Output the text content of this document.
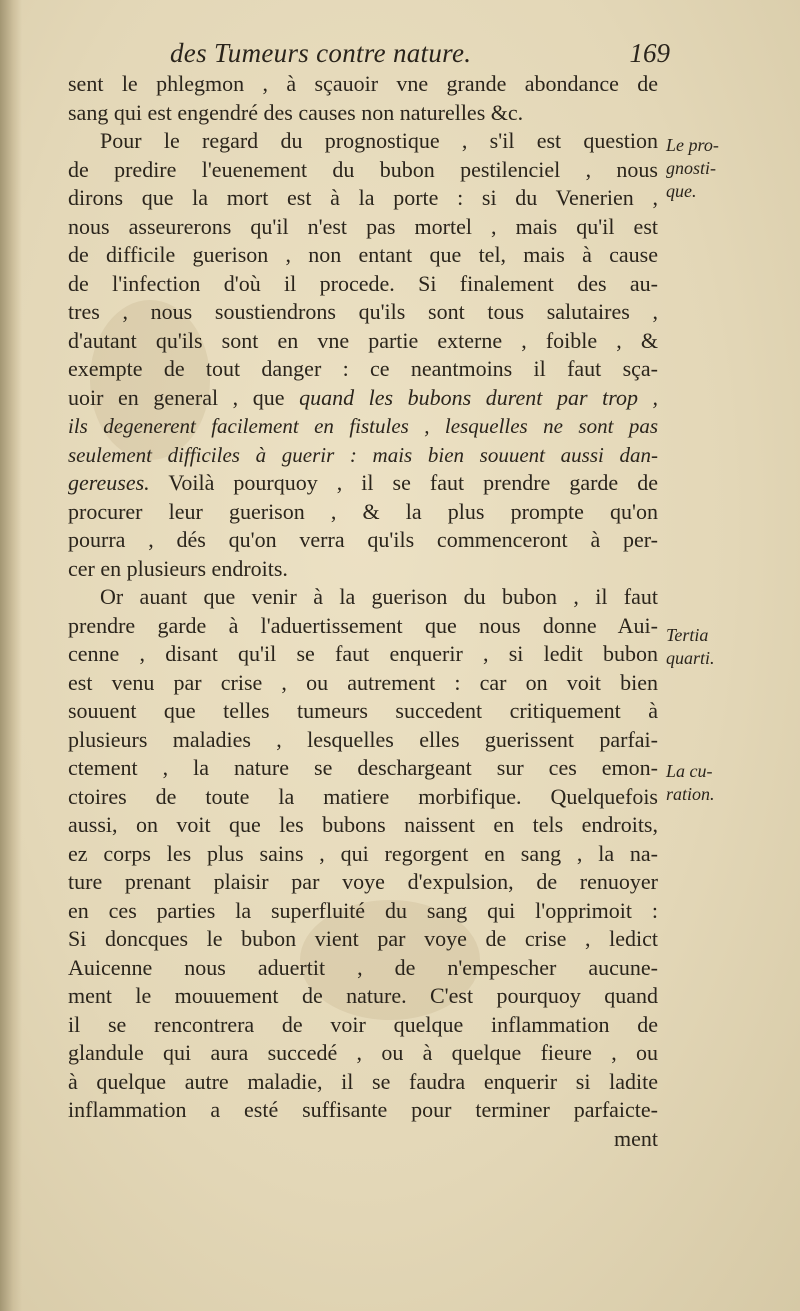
des Tumeurs contre nature.	169
sent le phlegmon , à sçauoir vne grande abondance de
sang qui est engendré des causes non naturelles &c.
Pour le regard du prognostique , s'il est question
de predire l'euenement du bubon pestilenciel , nous
dirons que la mort est à la porte : si du Venerien ,
nous asseurerons qu'il n'est pas mortel , mais qu'il est
de difficile guerison , non entant que tel, mais à cause
de l'infection d'où il procede. Si finalement des au-
tres , nous soustiendrons qu'ils sont tous salutaires ,
d'autant qu'ils sont en vne partie externe , foible , &
exempte de tout danger : ce neantmoins il faut sça-
uoir en general , que quand les bubons durent par trop ,
ils degenerent facilement en fistules , lesquelles ne sont pas
seulement difficiles à guerir : mais bien souuent aussi dan-
gereuses. Voilà pourquoy , il se faut prendre garde de
procurer leur guerison , & la plus prompte qu'on
pourra , dés qu'on verra qu'ils commenceront à per-
cer en plusieurs endroits.
Or auant que venir à la guerison du bubon , il faut
prendre garde à l'aduertissement que nous donne Aui-
cenne , disant qu'il se faut enquerir , si ledit bubon
est venu par crise , ou autrement : car on voit bien
souuent que telles tumeurs succedent critiquement à
plusieurs maladies , lesquelles elles guerissent parfai-
ctement , la nature se deschargeant sur ces emon-
ctoires de toute la matiere morbifique. Quelquefois
aussi, on voit que les bubons naissent en tels endroits,
ez corps les plus sains , qui regorgent en sang , la na-
ture prenant plaisir par voye d'expulsion, de renuoyer
en ces parties la superfluité du sang qui l'opprimoit :
Si doncques le bubon vient par voye de crise , ledict
Auicenne nous aduertit , de n'empescher aucune-
ment le mouuement de nature. C'est pourquoy quand
il se rencontrera de voir quelque inflammation de
glandule qui aura succedé , ou à quelque fieure , ou
à quelque autre maladie, il se faudra enquerir si ladite
inflammation a esté suffisante pour terminer parfaicte-
ment
Le pro-
gnosti-
que.
Tertia
quarti.
La cu-
ration.
